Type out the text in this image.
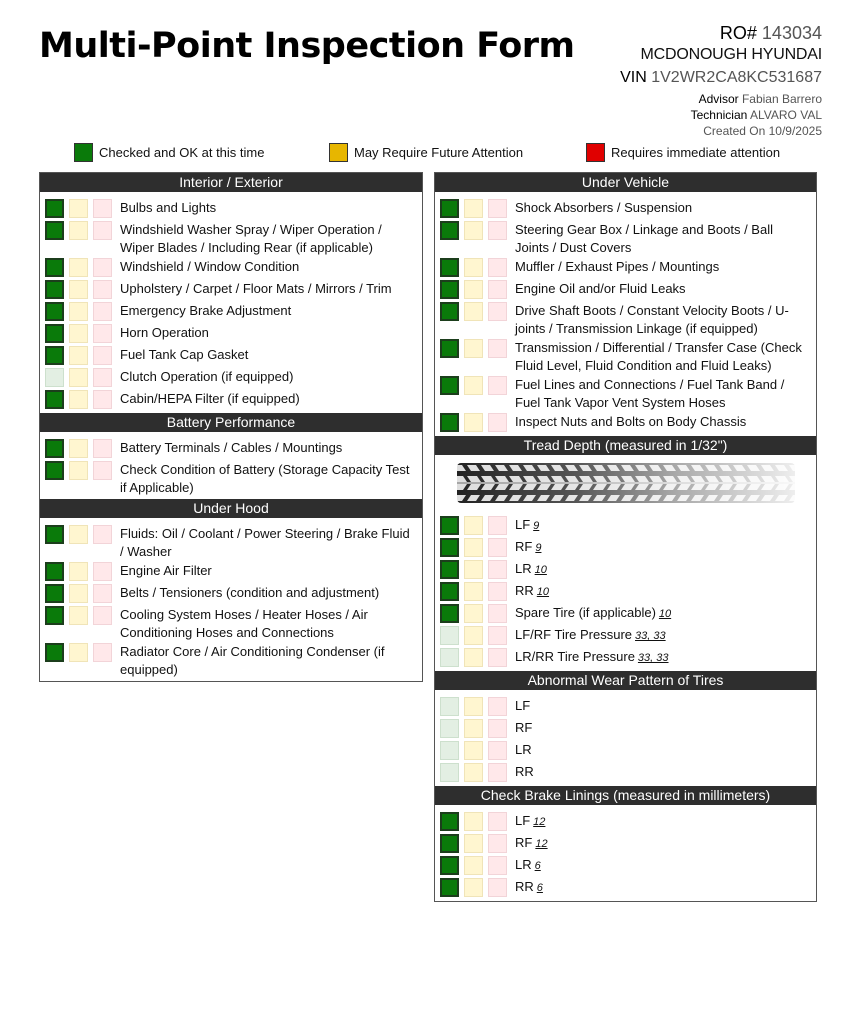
Multi-Point Inspection Form	RO# 143034
MCDONOUGH HYUNDAI
VIN 1V2WR2CA8KC531687
Advisor Fabian Barrero
Technician ALVARO VAL
Created On 10/9/2025
Checked and OK at this time	May Require Future Attention	Requires immediate attention
Interior / Exterior
Bulbs and Lights
Windshield Washer Spray / Wiper Operation / Wiper Blades / Including Rear (if applicable)
Windshield / Window Condition
Upholstery / Carpet / Floor Mats / Mirrors / Trim
Emergency Brake Adjustment
Horn Operation
Fuel Tank Cap Gasket
Clutch Operation (if equipped)
Cabin/HEPA Filter (if equipped)
Battery Performance
Battery Terminals / Cables / Mountings
Check Condition of Battery (Storage Capacity Test if Applicable)
Under Hood
Fluids: Oil / Coolant / Power Steering / Brake Fluid / Washer
Engine Air Filter
Belts / Tensioners (condition and adjustment)
Cooling System Hoses / Heater Hoses / Air Conditioning Hoses and Connections
Radiator Core / Air Conditioning Condenser (if equipped)
Under Vehicle
Shock Absorbers / Suspension
Steering Gear Box / Linkage and Boots / Ball Joints / Dust Covers
Muffler / Exhaust Pipes / Mountings
Engine Oil and/or Fluid Leaks
Drive Shaft Boots / Constant Velocity Boots / U-joints / Transmission Linkage (if equipped)
Transmission / Differential / Transfer Case (Check Fluid Level, Fluid Condition and Fluid Leaks)
Fuel Lines and Connections / Fuel Tank Band / Fuel Tank Vapor Vent System Hoses
Inspect Nuts and Bolts on Body Chassis
Tread Depth (measured in 1/32")
LF 9
RF 9
LR 10
RR 10
Spare Tire (if applicable) 10
LF/RF Tire Pressure 33, 33
LR/RR Tire Pressure 33, 33
Abnormal Wear Pattern of Tires
LF
RF
LR
RR
Check Brake Linings (measured in millimeters)
LF 12
RF 12
LR 6
RR 6
